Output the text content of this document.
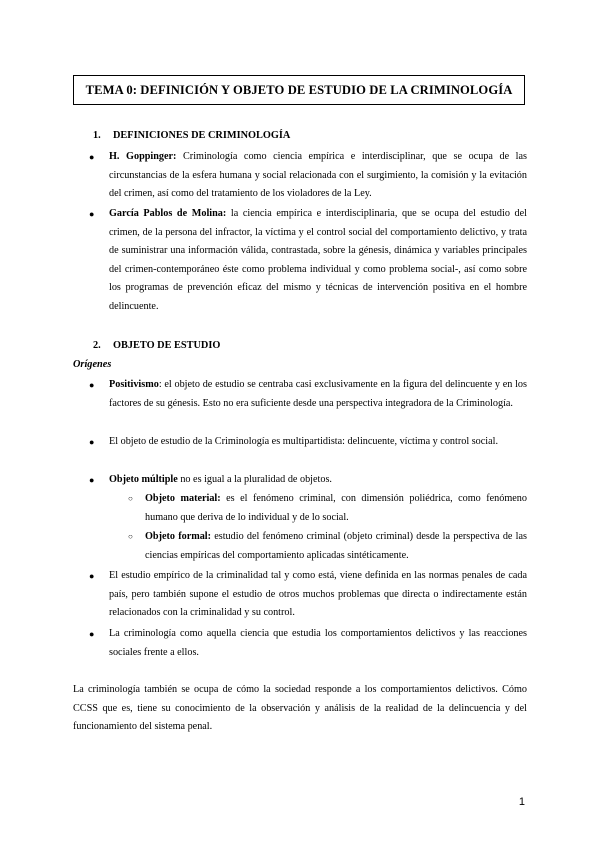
TEMA 0: DEFINICIÓN Y OBJETO DE ESTUDIO DE LA CRIMINOLOGÍA
1. DEFINICIONES DE CRIMINOLOGÍA
● H. Goppinger: Criminología como ciencia empírica e interdisciplinar, que se ocupa de las circunstancias de la esfera humana y social relacionada con el surgimiento, la comisión y la evitación del crimen, así como del tratamiento de los violadores de la Ley.
● García Pablos de Molina: la ciencia empírica e interdisciplinaria, que se ocupa del estudio del crimen, de la persona del infractor, la víctima y el control social del comportamiento delictivo, y trata de suministrar una información válida, contrastada, sobre la génesis, dinámica y variables principales del crimen-contemporáneo éste como problema individual y como problema social-, así como sobre los programas de prevención eficaz del mismo y técnicas de intervención positiva en el hombre delincuente.
2. OBJETO DE ESTUDIO
Orígenes
● Positivismo: el objeto de estudio se centraba casi exclusivamente en la figura del delincuente y en los factores de su génesis. Esto no era suficiente desde una perspectiva integradora de la Criminología.
● El objeto de estudio de la Criminología es multipartidista: delincuente, víctima y control social.
● Objeto múltiple no es igual a la pluralidad de objetos.
○ Objeto material: es el fenómeno criminal, con dimensión poliédrica, como fenómeno humano que deriva de lo individual y de lo social.
○ Objeto formal: estudio del fenómeno criminal (objeto criminal) desde la perspectiva de las ciencias empíricas del comportamiento aplicadas sintéticamente.
● El estudio empírico de la criminalidad tal y como está, viene definida en las normas penales de cada país, pero también supone el estudio de otros muchos problemas que directa o indirectamente están relacionados con la criminalidad y su control.
● La criminología como aquella ciencia que estudia los comportamientos delictivos y las reacciones sociales frente a ellos.
La criminología también se ocupa de cómo la sociedad responde a los comportamientos delictivos. Cómo CCSS que es, tiene su conocimiento de la observación y análisis de la realidad de la delincuencia y del funcionamiento del sistema penal.
1
